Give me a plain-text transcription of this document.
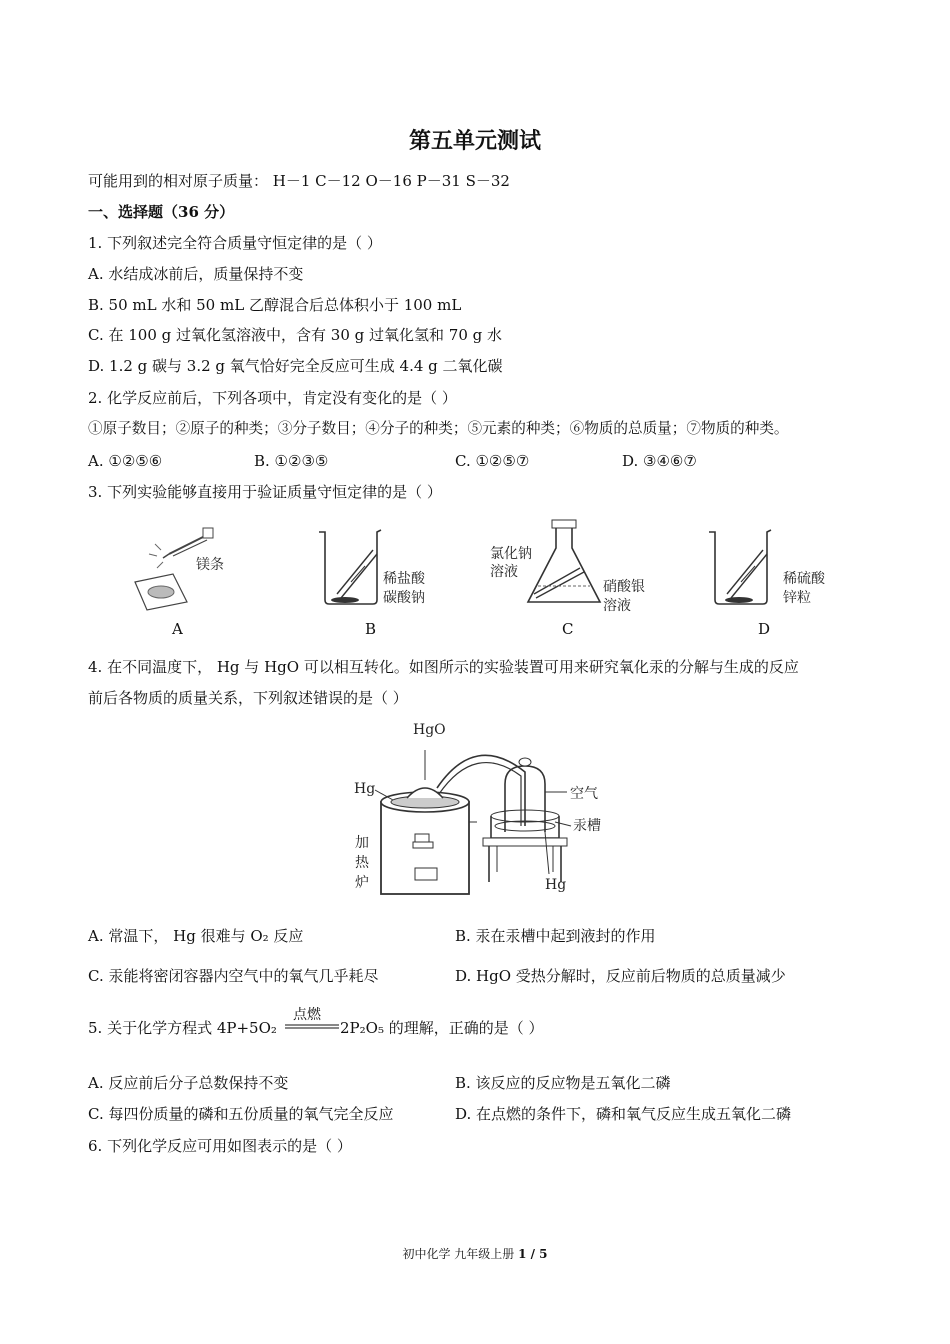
第五单元测试
可能用到的相对原子质量： H－1 C－12 O－16 P－31 S－32
一、选择题（36 分）
1. 下列叙述完全符合质量守恒定律的是（ ）
A. 水结成冰前后，质量保持不变
B. 50 mL 水和 50 mL 乙醇混合后总体积小于 100 mL
C. 在 100 g 过氧化氢溶液中，含有 30 g 过氧化氢和 70 g 水
D. 1.2 g 碳与 3.2 g 氧气恰好完全反应可生成 4.4 g 二氧化碳
2. 化学反应前后，下列各项中，肯定没有变化的是（ ）
①原子数目；②原子的种类；③分子数目；④分子的种类；⑤元素的种类；⑥物质的总质量；⑦物质的种类。
A. ①②⑤⑥	B. ①②③⑤	C. ①②⑤⑦	D. ③④⑥⑦
3. 下列实验能够直接用于验证质量守恒定律的是（ ）
镁条
A
稀盐酸
碳酸钠
B
氯化钠
溶液
硝酸银
溶液
C
稀硫酸
锌粒
D
4. 在不同温度下， Hg 与 HgO 可以相互转化。如图所示的实验装置可用来研究氧化汞的分解与生成的反应
前后各物质的质量关系，下列叙述错误的是（ ）
HgO
Hg	空气
汞槽
Hg
加
热
炉
A. 常温下， Hg 很难与 O₂ 反应	B. 汞在汞槽中起到液封的作用
C. 汞能将密闭容器内空气中的氧气几乎耗尽	D. HgO 受热分解时，反应前后物质的总质量减少
5. 关于化学方程式 4P+5O₂
点燃
2P₂O₅ 的理解，正确的是（ ）
A. 反应前后分子总数保持不变	B. 该反应的反应物是五氧化二磷
C. 每四份质量的磷和五份质量的氧气完全反应	D. 在点燃的条件下，磷和氧气反应生成五氧化二磷
6. 下列化学反应可用如图表示的是（ ）
初中化学 九年级上册 1 / 5
